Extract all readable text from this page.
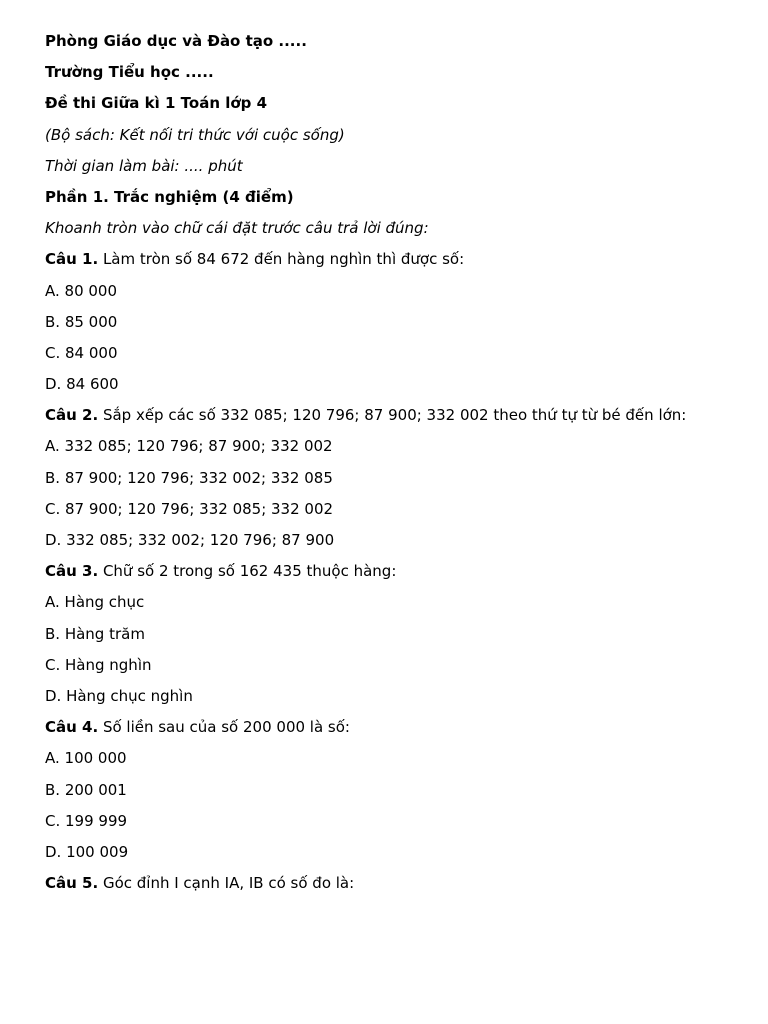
Phòng Giáo dục và Đào tạo .....
Trường Tiểu học .....
Đề thi Giữa kì 1 Toán lớp 4
(Bộ sách: Kết nối tri thức với cuộc sống)
Thời gian làm bài: .... phút
Phần 1. Trắc nghiệm (4 điểm)
Khoanh tròn vào chữ cái đặt trước câu trả lời đúng:
Câu 1. Làm tròn số 84 672 đến hàng nghìn thì được số:
A. 80 000
B. 85 000
C. 84 000
D. 84 600
Câu 2. Sắp xếp các số 332 085; 120 796; 87 900; 332 002 theo thứ tự từ bé đến lớn:
A. 332 085; 120 796; 87 900; 332 002
B. 87 900; 120 796; 332 002; 332 085
C. 87 900; 120 796; 332 085; 332 002
D. 332 085; 332 002; 120 796; 87 900
Câu 3. Chữ số 2 trong số 162 435 thuộc hàng:
A. Hàng chục
B. Hàng trăm
C. Hàng nghìn
D. Hàng chục nghìn
Câu 4. Số liền sau của số 200 000 là số:
A. 100 000
B. 200 001
C. 199 999
D. 100 009
Câu 5. Góc đỉnh I cạnh IA, IB có số đo là:
